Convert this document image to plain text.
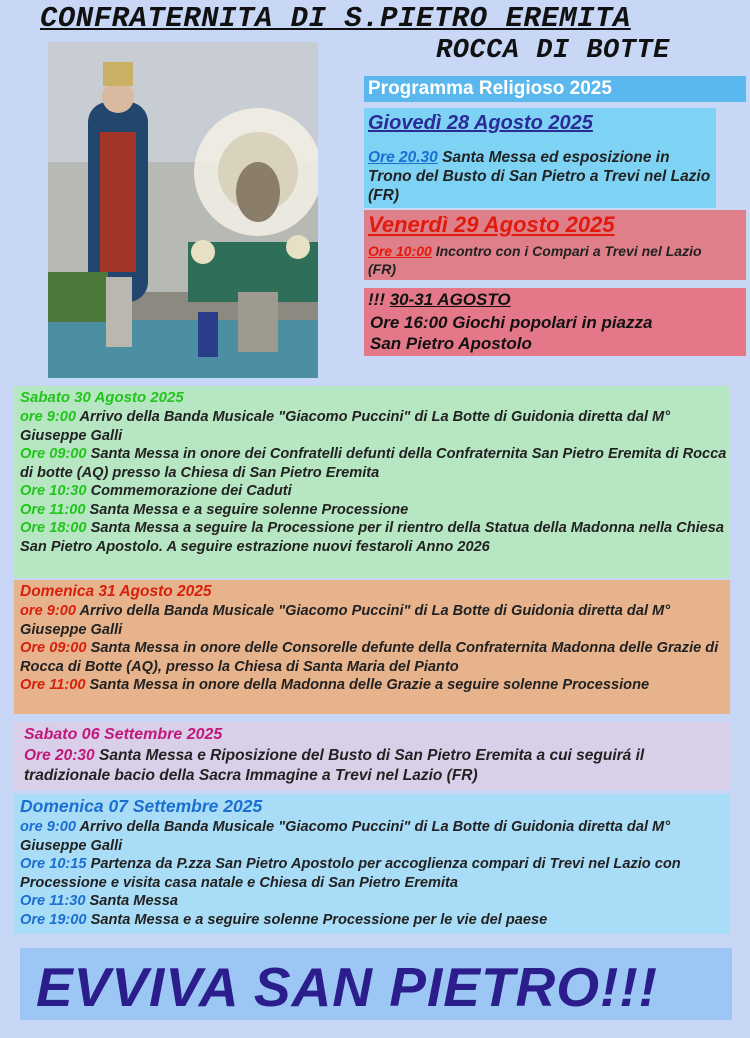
CONFRATERNITA DI S.PIETRO EREMITA
ROCCA DI BOTTE
Programma Religioso 2025
Giovedì 28 Agosto 2025
Ore 20.30 Santa Messa ed esposizione in Trono del Busto di San Pietro a Trevi nel Lazio (FR)
Venerdì 29 Agosto 2025
Ore 10:00 Incontro con i Compari a Trevi nel Lazio (FR)
!!! 30-31 AGOSTO
Ore 16:00 Giochi popolari in piazza San Pietro Apostolo
Sabato 30 Agosto 2025

ore 9:00 Arrivo della Banda Musicale "Giacomo Puccini" di La Botte di Guidonia diretta dal M° Giuseppe Galli

Ore 09:00 Santa Messa in onore dei Confratelli defunti della Confraternita San Pietro Eremita di Rocca di botte (AQ) presso la Chiesa di San Pietro Eremita

Ore 10:30 Commemorazione dei Caduti

Ore 11:00 Santa Messa e a seguire solenne Processione

Ore 18:00 Santa Messa a seguire la Processione per il rientro della Statua della Madonna nella Chiesa San Pietro Apostolo. A seguire estrazione nuovi festaroli Anno 2026

Domenica 31 Agosto 2025

ore 9:00 Arrivo della Banda Musicale "Giacomo Puccini" di La Botte di Guidonia diretta dal M° Giuseppe Galli

Ore 09:00 Santa Messa in onore delle Consorelle defunte della Confraternita Madonna delle Grazie di Rocca di Botte (AQ), presso la Chiesa di Santa Maria del Pianto

Ore 11:00 Santa Messa in onore della Madonna delle Grazie a seguire solenne Processione

Sabato 06 Settembre 2025

Ore 20:30 Santa Messa e Riposizione del Busto di San Pietro Eremita a cui seguirá il tradizionale bacio della Sacra Immagine a Trevi nel Lazio (FR)

Domenica 07 Settembre 2025

ore 9:00 Arrivo della Banda Musicale "Giacomo Puccini" di La Botte di Guidonia diretta dal M° Giuseppe Galli

Ore 10:15 Partenza da P.zza San Pietro Apostolo per accoglienza compari di Trevi nel Lazio con Processione e visita casa natale e Chiesa di San Pietro Eremita

Ore 11:30 Santa Messa

Ore 19:00 Santa Messa e a seguire solenne Processione per le vie del paese

EVVIVA SAN PIETRO!!!
